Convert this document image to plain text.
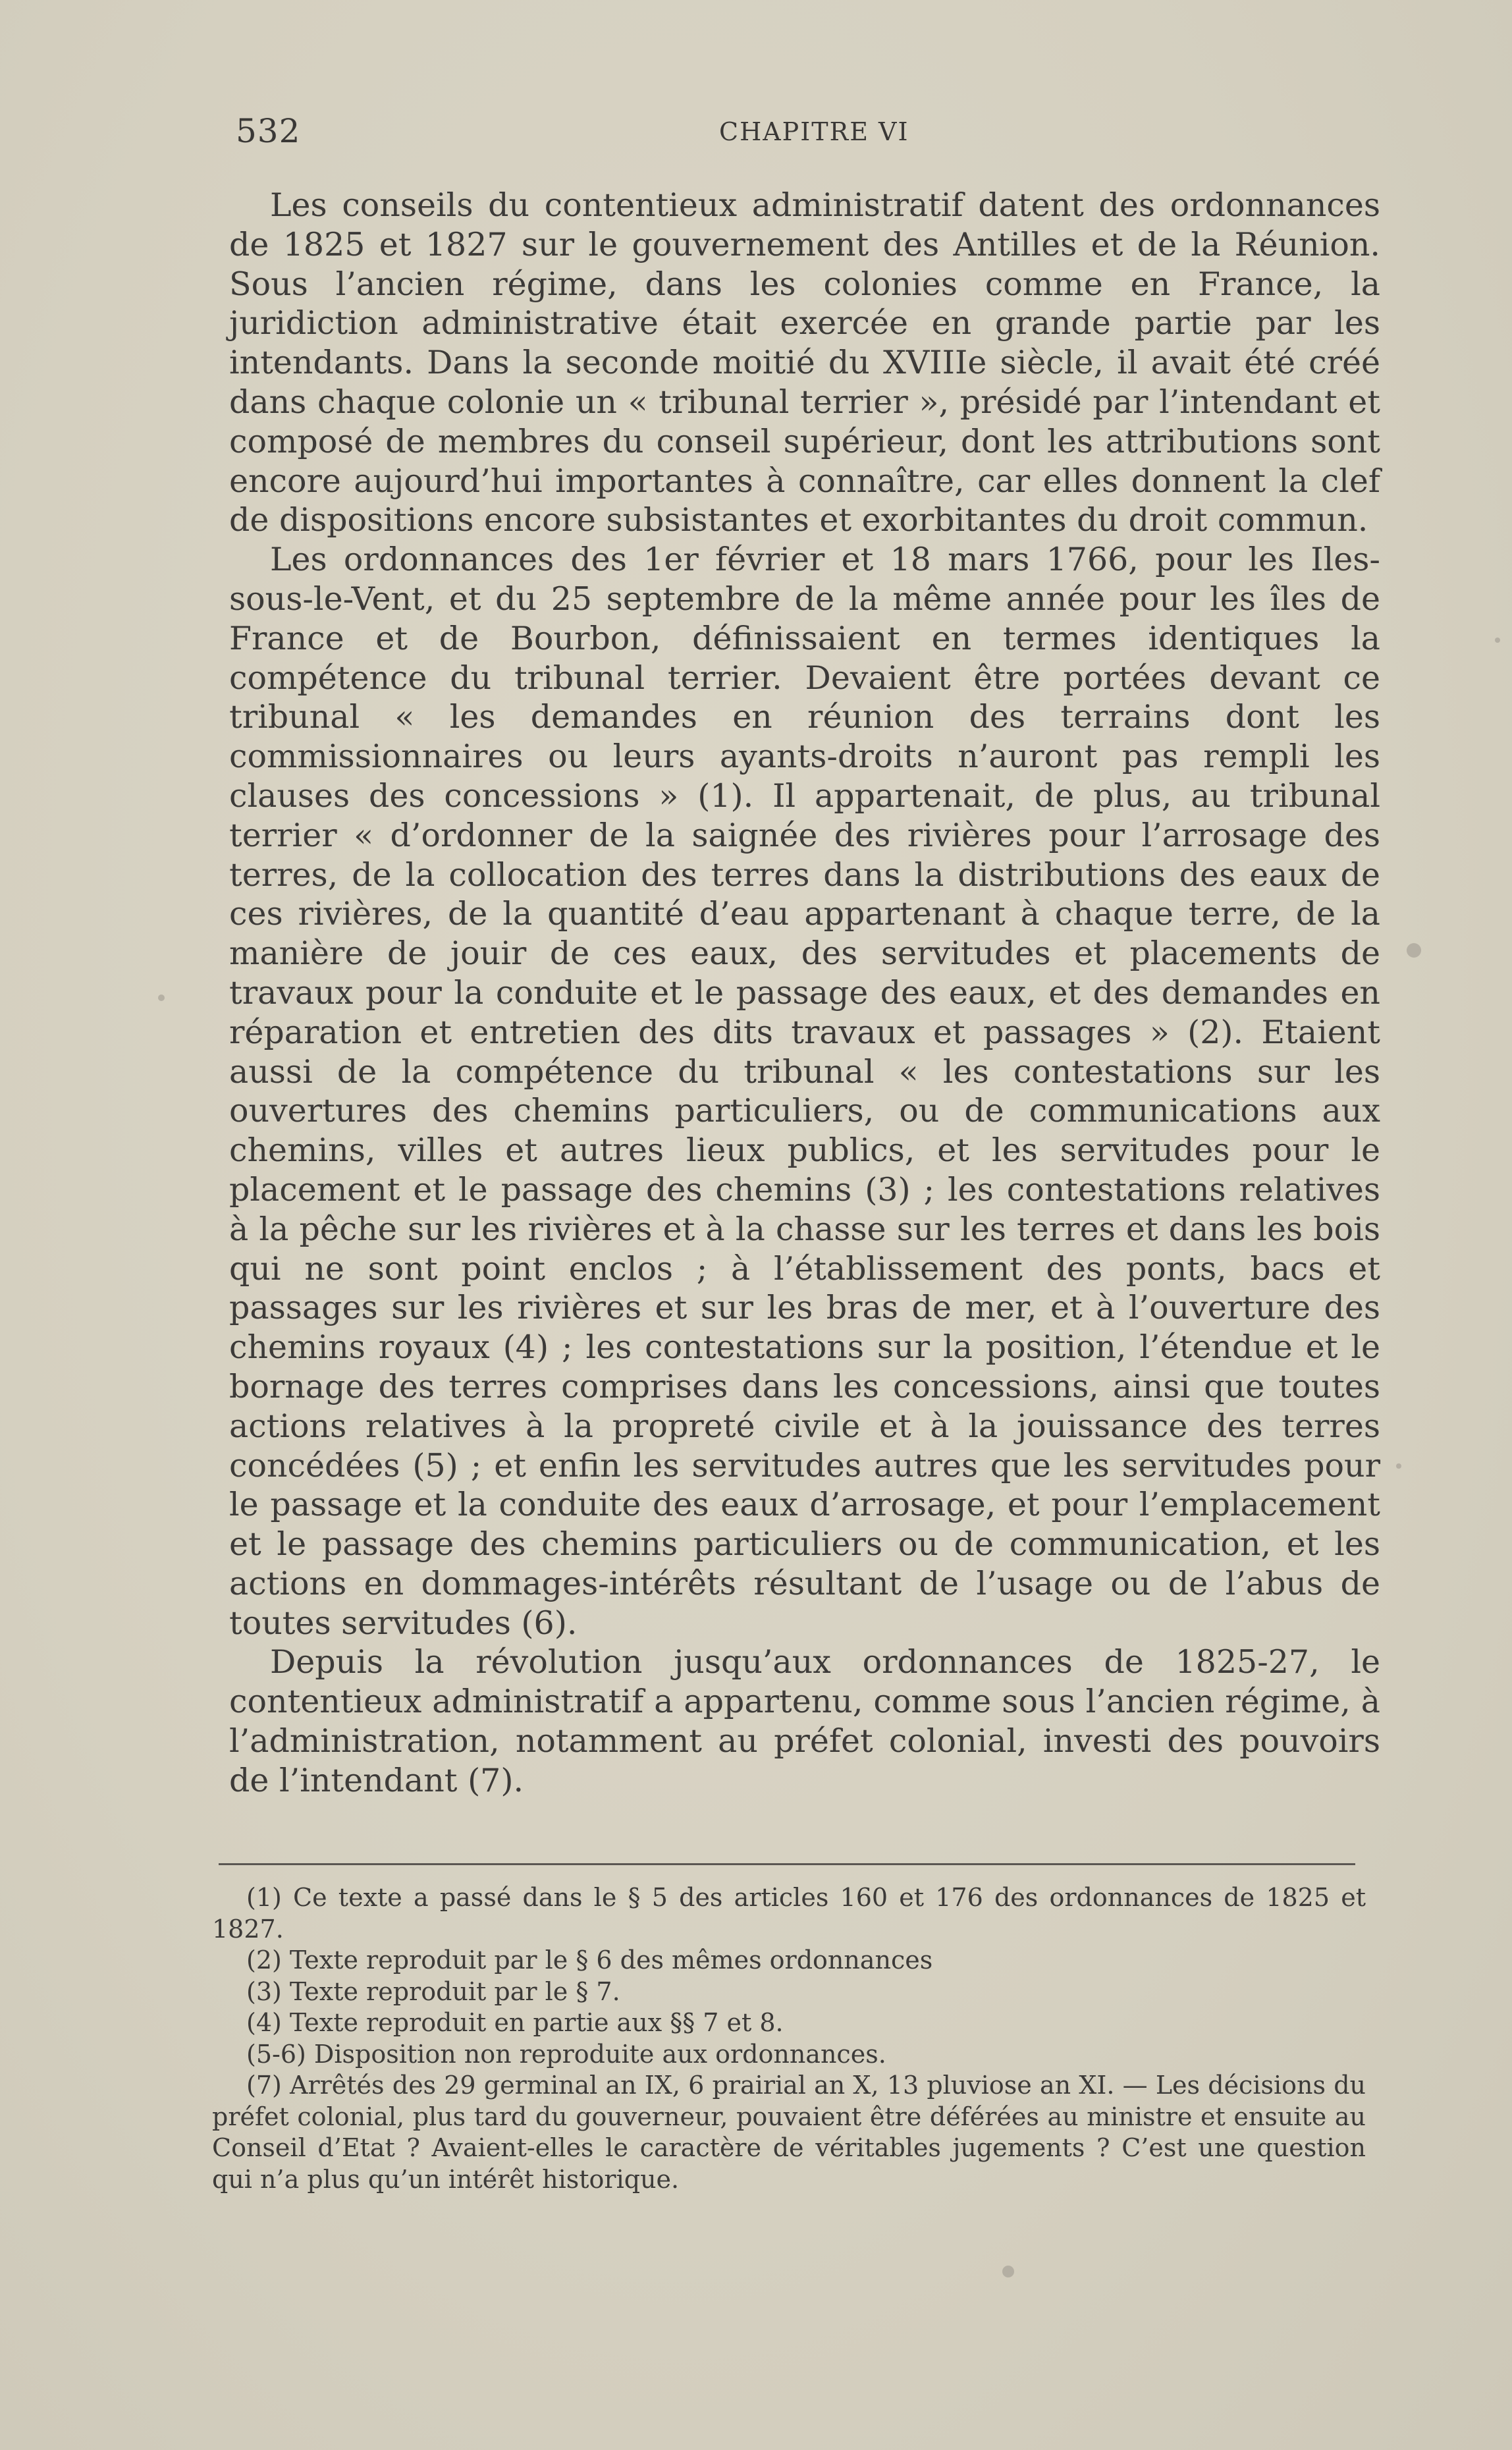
532	CHAPITRE VI

Les conseils du contentieux administratif datent des ordonnances de 1825 et 1827 sur le gouvernement des Antilles et de la Réunion. Sous l’ancien régime, dans les colonies comme en France, la juridiction administrative était exercée en grande partie par les intendants. Dans la seconde moitié du XVIIIe siècle, il avait été créé dans chaque colonie un « tribunal terrier », présidé par l’intendant et composé de membres du conseil supérieur, dont les attributions sont encore aujourd’hui importantes à connaître, car elles donnent la clef de dispositions encore subsistantes et exorbitantes du droit commun.

Les ordonnances des 1er février et 18 mars 1766, pour les Iles-sous-le-Vent, et du 25 septembre de la même année pour les îles de France et de Bourbon, définissaient en termes identiques la compétence du tribunal terrier. Devaient être portées devant ce tribunal « les demandes en réunion des terrains dont les commissionnaires ou leurs ayants-droits n’auront pas rempli les clauses des concessions » (1). Il appartenait, de plus, au tribunal terrier « d’ordonner de la saignée des rivières pour l’arrosage des terres, de la collocation des terres dans la distributions des eaux de ces rivières, de la quantité d’eau appartenant à chaque terre, de la manière de jouir de ces eaux, des servitudes et placements de travaux pour la conduite et le passage des eaux, et des demandes en réparation et entretien des dits travaux et passages » (2). Etaient aussi de la compétence du tribunal « les contestations sur les ouvertures des chemins particuliers, ou de communications aux chemins, villes et autres lieux publics, et les servitudes pour le placement et le passage des chemins (3) ; les contestations relatives à la pêche sur les rivières et à la chasse sur les terres et dans les bois qui ne sont point enclos ; à l’établissement des ponts, bacs et passages sur les rivières et sur les bras de mer, et à l’ouverture des chemins royaux (4) ; les contestations sur la position, l’étendue et le bornage des terres comprises dans les concessions, ainsi que toutes actions relatives à la propreté civile et à la jouissance des terres concédées (5) ; et enfin les servitudes autres que les servitudes pour le passage et la conduite des eaux d’arrosage, et pour l’emplacement et le passage des chemins particuliers ou de communication, et les actions en dommages-intérêts résultant de l’usage ou de l’abus de toutes servitudes (6).

Depuis la révolution jusqu’aux ordonnances de 1825-27, le contentieux administratif a appartenu, comme sous l’ancien régime, à l’administration, notamment au préfet colonial, investi des pouvoirs de l’intendant (7).

(1) Ce texte a passé dans le § 5 des articles 160 et 176 des ordonnances de 1825 et 1827.

(2) Texte reproduit par le § 6 des mêmes ordonnances

(3) Texte reproduit par le § 7.

(4) Texte reproduit en partie aux §§ 7 et 8.

(5-6) Disposition non reproduite aux ordonnances.

(7) Arrêtés des 29 germinal an IX, 6 prairial an X, 13 pluviose an XI. — Les décisions du préfet colonial, plus tard du gouverneur, pouvaient être déférées au ministre et ensuite au Conseil d’Etat ? Avaient-elles le caractère de véritables jugements ? C’est une question qui n’a plus qu’un intérêt historique.
